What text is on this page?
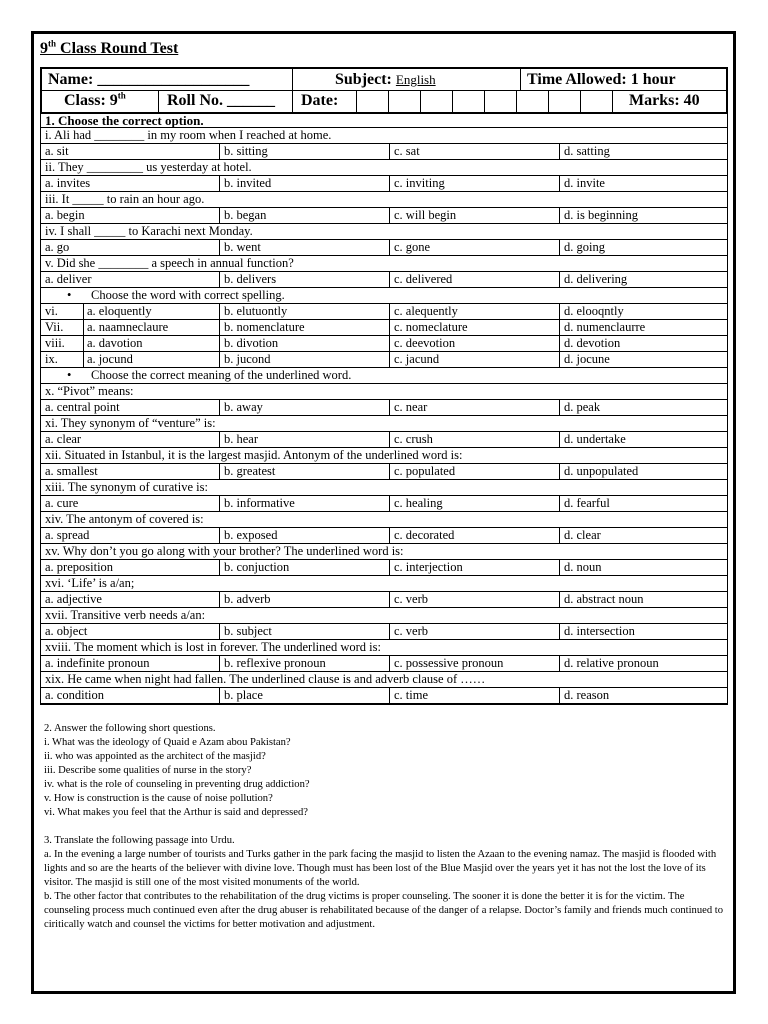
9th Class Round Test
Name: ___________________	Subject: English	Time Allowed: 1 hour
Class: 9th	Roll No. ______	Date:	Marks: 40
1. Choose the correct option.
i. Ali had ________ in my room when I reached at home.
a. sit	b. sitting	c. sat	d. satting
ii. They _________ us yesterday at hotel.
a. invites	b. invited	c. inviting	d. invite
iii. It _____ to rain an hour ago.
a. begin	b. began	c. will begin	d. is beginning
iv. I shall _____ to Karachi next Monday.
a. go	b. went	c. gone	d. going
v. Did she ________ a speech in annual function?
a. deliver	b. delivers	c. delivered	d. delivering
• Choose the word with correct spelling.
vi. a. eloquently	b. elutuontly	c. alequently	d. elooqntly
Vii. a. naamneclaure	b. nomenclature	c. nomeclature	d. numenclaurre
viii. a. davotion	b. divotion	c. deevotion	d. devotion
ix. a. jocund	b. jucond	c. jacund	d. jocune
• Choose the correct meaning of the underlined word.
x. “Pivot” means:
a. central point	b. away	c. near	d. peak
xi. They synonym of “venture” is:
a. clear	b. hear	c. crush	d. undertake
xii. Situated in Istanbul, it is the largest masjid. Antonym of the underlined word is:
a. smallest	b. greatest	c. populated	d. unpopulated
xiii. The synonym of curative is:
a. cure	b. informative	c. healing	d. fearful
xiv. The antonym of covered is:
a. spread	b. exposed	c. decorated	d. clear
xv. Why don’t you go along with your brother? The underlined word is:
a. preposition	b. conjuction	c. interjection	d. noun
xvi. ‘Life’ is a/an;
a. adjective	b. adverb	c. verb	d. abstract noun
xvii. Transitive verb needs a/an:
a. object	b. subject	c. verb	d. intersection
xviii. The moment which is lost in forever. The underlined word is:
a. indefinite pronoun	b. reflexive pronoun	c. possessive pronoun	d. relative pronoun
xix. He came when night had fallen. The underlined clause is and adverb clause of ……
a. condition	b. place	c. time	d. reason

2. Answer the following short questions.

i. What was the ideology of Quaid e Azam abou Pakistan?

ii. who was appointed as the architect of the masjid?

iii. Describe some qualities of nurse in the story?

iv. what is the role of counseling in preventing drug addiction?

v. How is construction is the cause of noise pollution?

vi. What makes you feel that the Arthur is said and depressed?

3. Translate the following passage into Urdu.

a. In the evening a large number of tourists and Turks gather in the park facing the masjid to listen the Azaan to the evening namaz. The masjid is flooded with lights and so are the hearts of the believer with divine love. Though must has been lost of the Blue Masjid over the years yet it has not the lost the love of its visitor. The masjid is still one of the most visited monuments of the world.

b. The other factor that contributes to the rehabilitation of the drug victims is proper counseling. The sooner it is done the better it is for the victim. The counseling process much continued even after the drug abuser is rehabilitated because of the danger of a relapse. Doctor’s family and friends much continued to ciritically watch and counsel the victims for better motivation and adjustment.
